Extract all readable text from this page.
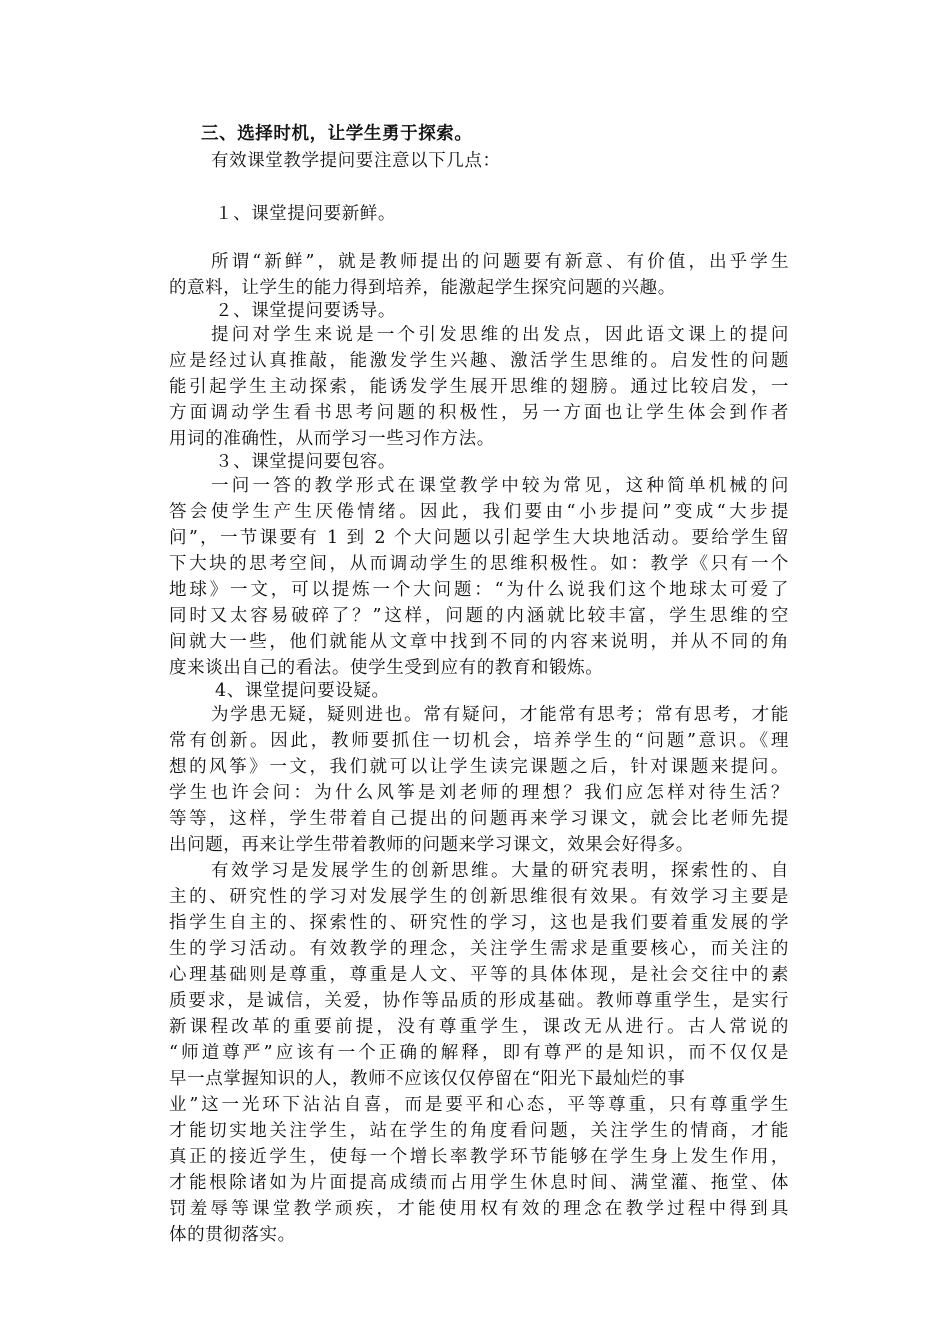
三、选择时机，让学生勇于探索。
有效课堂教学提问要注意以下几点：
１、课堂提问要新鲜。
所谓“新鲜”，就是教师提出的问题要有新意、有价值，出乎学生
的意料，让学生的能力得到培养，能激起学生探究问题的兴趣。
２、课堂提问要诱导。
提问对学生来说是一个引发思维的出发点，因此语文课上的提问
应是经过认真推敲，能激发学生兴趣、激活学生思维的。启发性的问题
能引起学生主动探索，能诱发学生展开思维的翅膀。通过比较启发，一
方面调动学生看书思考问题的积极性，另一方面也让学生体会到作者
用词的准确性，从而学习一些习作方法。
３、课堂提问要包容。
一问一答的教学形式在课堂教学中较为常见，这种简单机械的问
答会使学生产生厌倦情绪。因此，我们要由“小步提问”变成“大步提
问”，一节课要有 1 到 2 个大问题以引起学生大块地活动。要给学生留
下大块的思考空间，从而调动学生的思维积极性。如：教学《只有一个
地球》一文，可以提炼一个大问题：“为什么说我们这个地球太可爱了
同时又太容易破碎了？”这样，问题的内涵就比较丰富，学生思维的空
间就大一些，他们就能从文章中找到不同的内容来说明，并从不同的角
度来谈出自己的看法。使学生受到应有的教育和锻炼。
4、课堂提问要设疑。
为学患无疑，疑则进也。常有疑问，才能常有思考；常有思考，才能
常有创新。因此，教师要抓住一切机会，培养学生的“问题”意识。《理
想的风筝》一文，我们就可以让学生读完课题之后，针对课题来提问。
学生也许会问：为什么风筝是刘老师的理想？我们应怎样对待生活？
等等，这样，学生带着自己提出的问题再来学习课文，就会比老师先提
出问题，再来让学生带着教师的问题来学习课文，效果会好得多。
有效学习是发展学生的创新思维。大量的研究表明，探索性的、自
主的、研究性的学习对发展学生的创新思维很有效果。有效学习主要是
指学生自主的、探索性的、研究性的学习，这也是我们要着重发展的学
生的学习活动。有效教学的理念，关注学生需求是重要核心，而关注的
心理基础则是尊重，尊重是人文、平等的具体体现，是社会交往中的素
质要求，是诚信，关爱，协作等品质的形成基础。教师尊重学生，是实行
新课程改革的重要前提，没有尊重学生，课改无从进行。古人常说的
“师道尊严”应该有一个正确的解释，即有尊严的是知识，而不仅仅是
早一点掌握知识的人，教师不应该仅仅停留在“阳光下最灿烂的事
业”这一光环下沾沾自喜，而是要平和心态，平等尊重，只有尊重学生
才能切实地关注学生，站在学生的角度看问题，关注学生的情商，才能
真正的接近学生，使每一个增长率教学环节能够在学生身上发生作用，
才能根除诸如为片面提高成绩而占用学生休息时间、满堂灌、拖堂、体
罚羞辱等课堂教学顽疾，才能使用权有效的理念在教学过程中得到具
体的贯彻落实。
